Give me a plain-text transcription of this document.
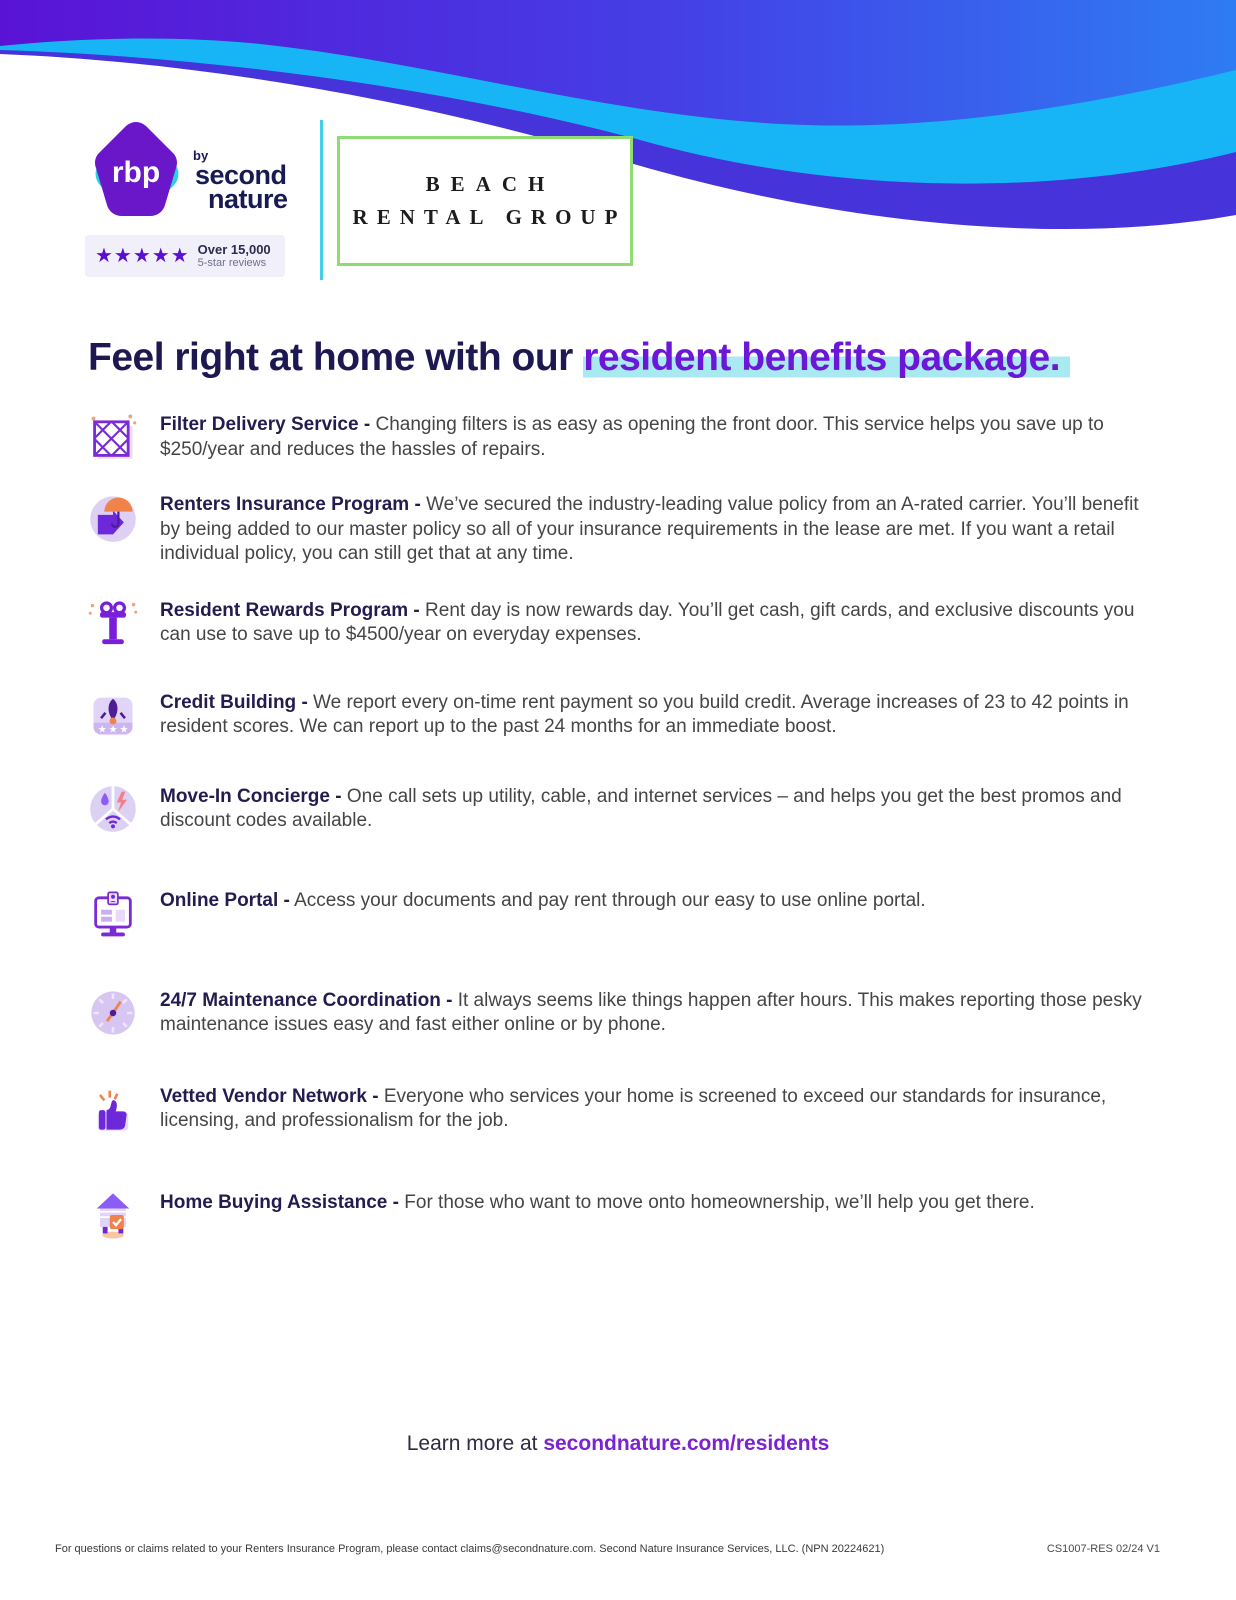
rbp
by
second
nature
★★★★★ Over 15,000
5-star reviews
BEACH
RENTAL GROUP
Feel right at home with our resident benefits package.

Filter Delivery Service - Changing filters is as easy as opening the front door. This service helps you save up to $250/year and reduces the hassles of repairs.

Renters Insurance Program - We’ve secured the industry-leading value policy from an A-rated carrier. You’ll benefit by being added to our master policy so all of your insurance requirements in the lease are met. If you want a retail individual policy, you can still get that at any time.

Resident Rewards Program - Rent day is now rewards day. You’ll get cash, gift cards, and exclusive discounts you can use to save up to $4500/year on everyday expenses.

★ ★ ★

Credit Building - We report every on-time rent payment so you build credit. Average increases of 23 to 42 points in resident scores. We can report up to the past 24 months for an immediate boost.

Move-In Concierge - One call sets up utility, cable, and internet services – and helps you get the best promos and discount codes available.

Online Portal - Access your documents and pay rent through our easy to use online portal.

24/7 Maintenance Coordination - It always seems like things happen after hours. This makes reporting those pesky maintenance issues easy and fast either online or by phone.

Vetted Vendor Network - Everyone who services your home is screened to exceed our standards for insurance, licensing, and professionalism for the job.

Home Buying Assistance - For those who want to move onto homeownership, we’ll help you get there.

Learn more at secondnature.com/residents
For questions or claims related to your Renters Insurance Program, please contact claims@secondnature.com. Second Nature Insurance Services, LLC. (NPN 20224621)	CS1007-RES 02/24 V1
